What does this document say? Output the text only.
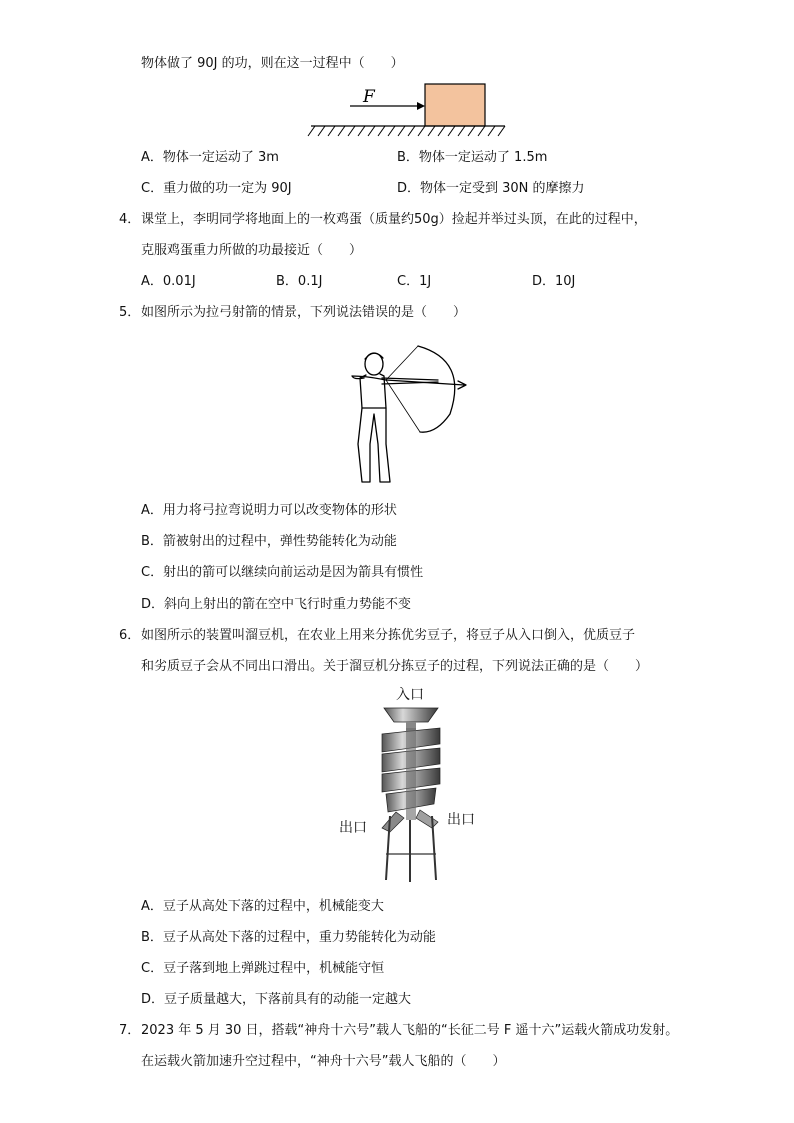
物体做了 90J 的功，则在这一过程中（　　）
F
A．物体一定运动了 3m	B．物体一定运动了 1.5m
C．重力做的功一定为 90J	D．物体一定受到 30N 的摩擦力
4． 课堂上，李明同学将地面上的一枚鸡蛋（质量约50g）捡起并举过头顶，在此的过程中，
克服鸡蛋重力所做的功最接近（　　）
A．0.01J	B．0.1J	C．1J	D．10J
5． 如图所示为拉弓射箭的情景，下列说法错误的是（　　）
A．用力将弓拉弯说明力可以改变物体的形状
B．箭被射出的过程中，弹性势能转化为动能
C．射出的箭可以继续向前运动是因为箭具有惯性
D．斜向上射出的箭在空中飞行时重力势能不变
6． 如图所示的装置叫溜豆机，在农业上用来分拣优劣豆子，将豆子从入口倒入，优质豆子
和劣质豆子会从不同出口滑出。关于溜豆机分拣豆子的过程，下列说法正确的是（　　）
入口
出口	出口
A．豆子从高处下落的过程中，机械能变大
B．豆子从高处下落的过程中，重力势能转化为动能
C．豆子落到地上弹跳过程中，机械能守恒
D．豆子质量越大，下落前具有的动能一定越大
7． 2023 年 5 月 30 日，搭载“神舟十六号”载人飞船的“长征二号 F 遥十六”运载火箭成功发射。
在运载火箭加速升空过程中，“神舟十六号”载人飞船的（　　）
